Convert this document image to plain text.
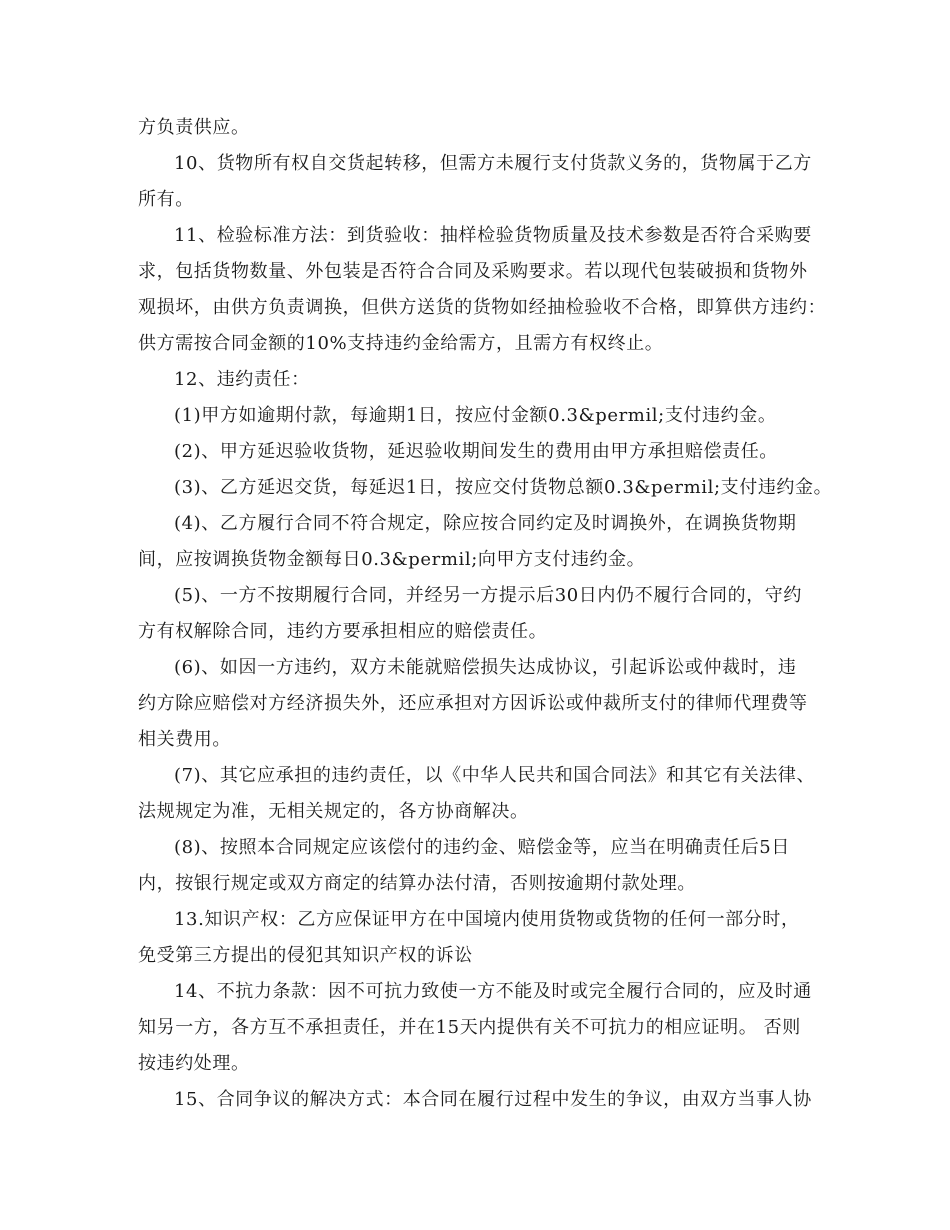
方负责供应。
10、货物所有权自交货起转移，但需方未履行支付货款义务的，货物属于乙方
所有。
11、检验标准方法：到货验收：抽样检验货物质量及技术参数是否符合采购要
求，包括货物数量、外包装是否符合合同及采购要求。若以现代包装破损和货物外
观损坏，由供方负责调换，但供方送货的货物如经抽检验收不合格，即算供方违约：
供方需按合同金额的10%支持违约金给需方，且需方有权终止。
12、违约责任：
(1)甲方如逾期付款，每逾期1日，按应付金额0.3&permil;支付违约金。
(2)、甲方延迟验收货物，延迟验收期间发生的费用由甲方承担赔偿责任。
(3)、乙方延迟交货，每延迟1日，按应交付货物总额0.3&permil;支付违约金。
(4)、乙方履行合同不符合规定，除应按合同约定及时调换外，在调换货物期
间，应按调换货物金额每日0.3&permil;向甲方支付违约金。
(5)、一方不按期履行合同，并经另一方提示后30日内仍不履行合同的，守约
方有权解除合同，违约方要承担相应的赔偿责任。
(6)、如因一方违约，双方未能就赔偿损失达成协议，引起诉讼或仲裁时，违
约方除应赔偿对方经济损失外，还应承担对方因诉讼或仲裁所支付的律师代理费等
相关费用。
(7)、其它应承担的违约责任，以《中华人民共和国合同法》和其它有关法律、
法规规定为准，无相关规定的，各方协商解决。
(8)、按照本合同规定应该偿付的违约金、赔偿金等，应当在明确责任后5日
内，按银行规定或双方商定的结算办法付清，否则按逾期付款处理。
13.知识产权：乙方应保证甲方在中国境内使用货物或货物的任何一部分时，
免受第三方提出的侵犯其知识产权的诉讼
14、不抗力条款：因不可抗力致使一方不能及时或完全履行合同的，应及时通
知另一方，各方互不承担责任，并在15天内提供有关不可抗力的相应证明。 否则
按违约处理。
15、合同争议的解决方式：本合同在履行过程中发生的争议，由双方当事人协
